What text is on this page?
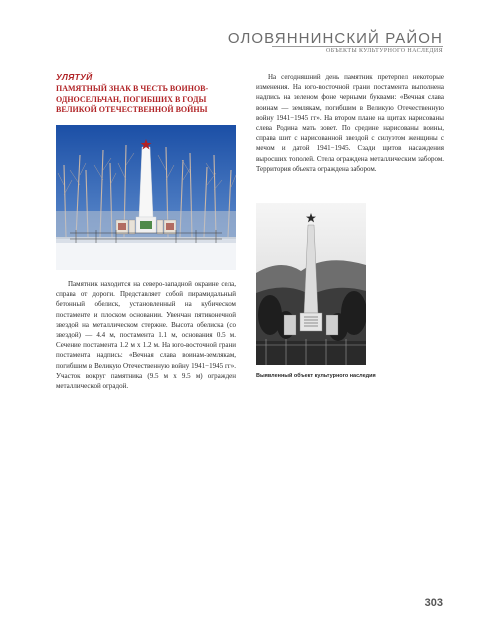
ОЛОВЯННИНСКИЙ РАЙОН
ОБЪЕКТЫ КУЛЬТУРНОГО НАСЛЕДИЯ
УЛЯТУЙ
ПАМЯТНЫЙ ЗНАК В ЧЕСТЬ ВОИНОВ-
ОДНОСЕЛЬЧАН, ПОГИБШИХ В ГОДЫ
ВЕЛИКОЙ ОТЕЧЕСТВЕННОЙ ВОЙНЫ
Памятник находится на северо-западной окраине села, справа от дороги. Представляет собой пирамидальный бетонный обелиск, установленный на кубическом постаменте и плоском основании. Увенчан пятиконечной звездой на металлическом стержне. Высота обелиска (со звездой) — 4.4 м, постамента 1.1 м, основания 0.5 м. Сечение постамента 1.2 м х 1.2 м. На юго-восточной грани постамента надпись: «Вечная слава воинам-землякам, погибшим в Великую Отечественную войну 1941−1945 гг». Участок вокруг памятника (9.5 м х 9.5 м) огражден металлической оградой.
На сегодняшний день памятник претерпел некоторые изменения. На юго-восточной грани постамента выполнена надпись на зеленом фоне черными буквами: «Вечная слава воинам — землякам, погибшим в Великую Отечественную войну 1941−1945 гг». На втором плане на щитах нарисованы слева Родина мать зовет. По средине нарисованы воины, справа шит с нарисованной звездой с силуэтом женщины с мечом и датой 1941−1945. Сзади щитов насаждения выросших тополей. Стела ограждена металлическим забором. Территория объекта ограждена забором.
Выявленный объект культурного наследия
303
